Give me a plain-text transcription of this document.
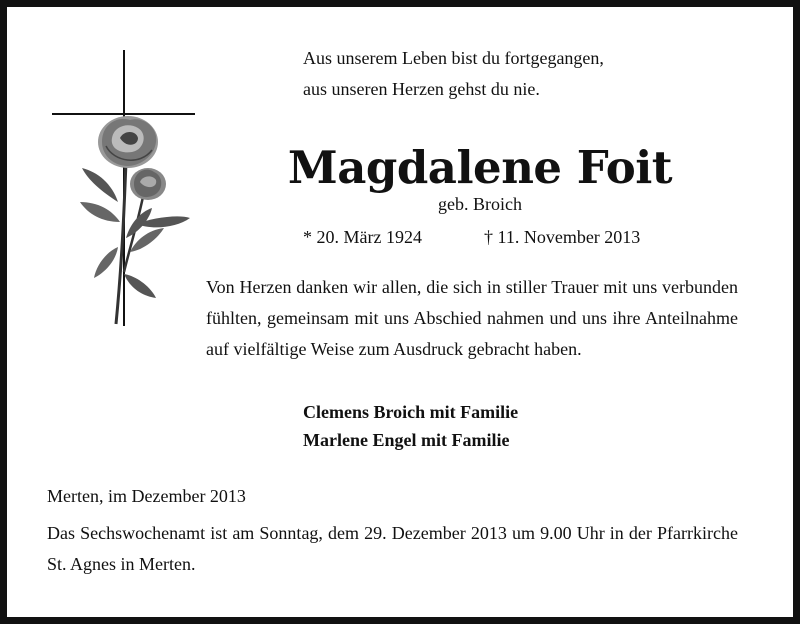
Aus unserem Leben bist du fortgegangen,

aus unseren Herzen gehst du nie.

Magdalene Foit

geb. Broich

* 20. März 1924	† 11. November 2013

Von Herzen danken wir allen, die sich in stiller Trauer mit uns verbunden fühlten, gemeinsam mit uns Abschied nahmen und uns ihre Anteilnahme auf vielfältige Weise zum Ausdruck gebracht haben.

Clemens Broich mit Familie

Marlene Engel mit Familie

Merten, im Dezember 2013

Das Sechswochenamt ist am Sonntag, dem 29. Dezember 2013 um 9.00 Uhr in der Pfarrkirche St. Agnes in Merten.
